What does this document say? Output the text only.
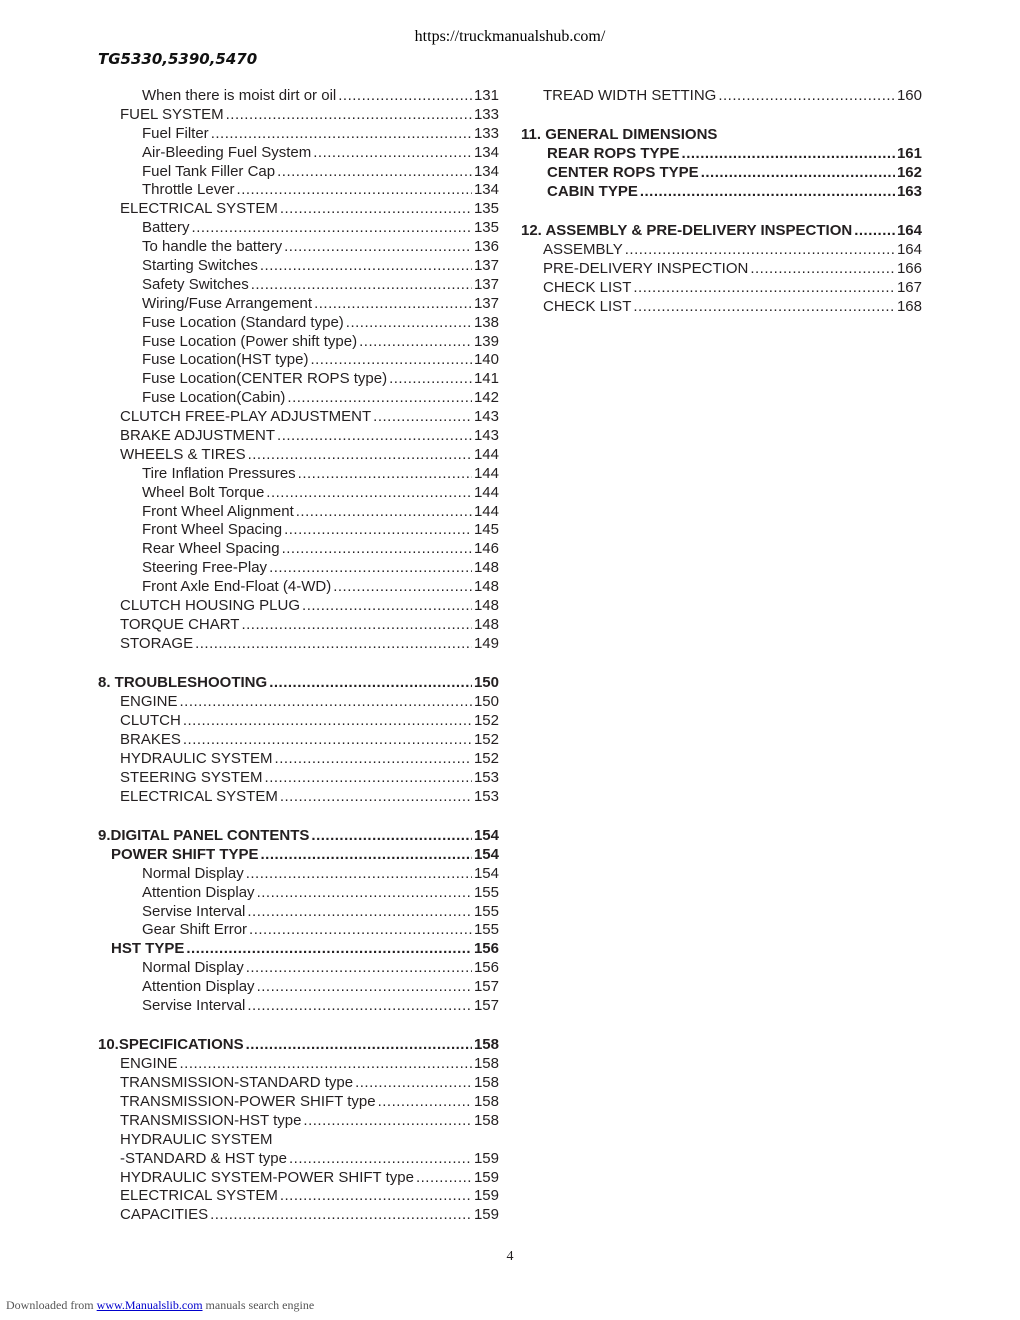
https://truckmanualshub.com/
TG5330,5390,5470
When there is moist dirt or oil .....	131
FUEL SYSTEM .....	133
Fuel Filter .....	133
Air-Bleeding Fuel System .....	134
Fuel Tank Filler Cap .....	134
Throttle Lever .....	134
ELECTRICAL SYSTEM .....	135
Battery .....	135
To handle the battery .....	136
Starting Switches .....	137
Safety Switches .....	137
Wiring/Fuse Arrangement .....	137
Fuse Location (Standard type) .....	138
Fuse Location (Power shift type) .....	139
Fuse Location(HST type) .....	140
Fuse Location(CENTER ROPS type) .....	141
Fuse Location(Cabin) .....	142
CLUTCH FREE-PLAY ADJUSTMENT .....	143
BRAKE ADJUSTMENT .....	143
WHEELS & TIRES .....	144
Tire Inflation Pressures .....	144
Wheel Bolt Torque .....	144
Front Wheel Alignment .....	144
Front Wheel Spacing .....	145
Rear Wheel Spacing .....	146
Steering Free-Play .....	148
Front Axle End-Float (4-WD) .....	148
CLUTCH HOUSING PLUG .....	148
TORQUE CHART .....	148
STORAGE .....	149
8. TROUBLESHOOTING .....	150
ENGINE .....	150
CLUTCH .....	152
BRAKES .....	152
HYDRAULIC SYSTEM .....	152
STEERING SYSTEM .....	153
ELECTRICAL SYSTEM .....	153
9.DIGITAL PANEL CONTENTS .....	154
POWER SHIFT TYPE .....	154
Normal Display .....	154
Attention Display .....	155
Servise Interval .....	155
Gear Shift Error .....	155
HST TYPE .....	156
Normal Display .....	156
Attention Display .....	157
Servise Interval .....	157
10.SPECIFICATIONS .....	158
ENGINE .....	158
TRANSMISSION-STANDARD type .....	158
TRANSMISSION-POWER SHIFT type .....	158
TRANSMISSION-HST type .....	158
HYDRAULIC SYSTEM
-STANDARD & HST type .....	159
HYDRAULIC SYSTEM-POWER SHIFT type .....	159
ELECTRICAL SYSTEM .....	159
CAPACITIES .....	159
TREAD WIDTH SETTING .....	160
11. GENERAL DIMENSIONS
REAR ROPS TYPE .....	161
CENTER ROPS TYPE .....	162
CABIN TYPE .....	163
12. ASSEMBLY & PRE-DELIVERY INSPECTION .....	164
ASSEMBLY .....	164
PRE-DELIVERY INSPECTION .....	166
CHECK LIST .....	167
CHECK LIST .....	168
4
Downloaded from www.Manualslib.com manuals search engine
